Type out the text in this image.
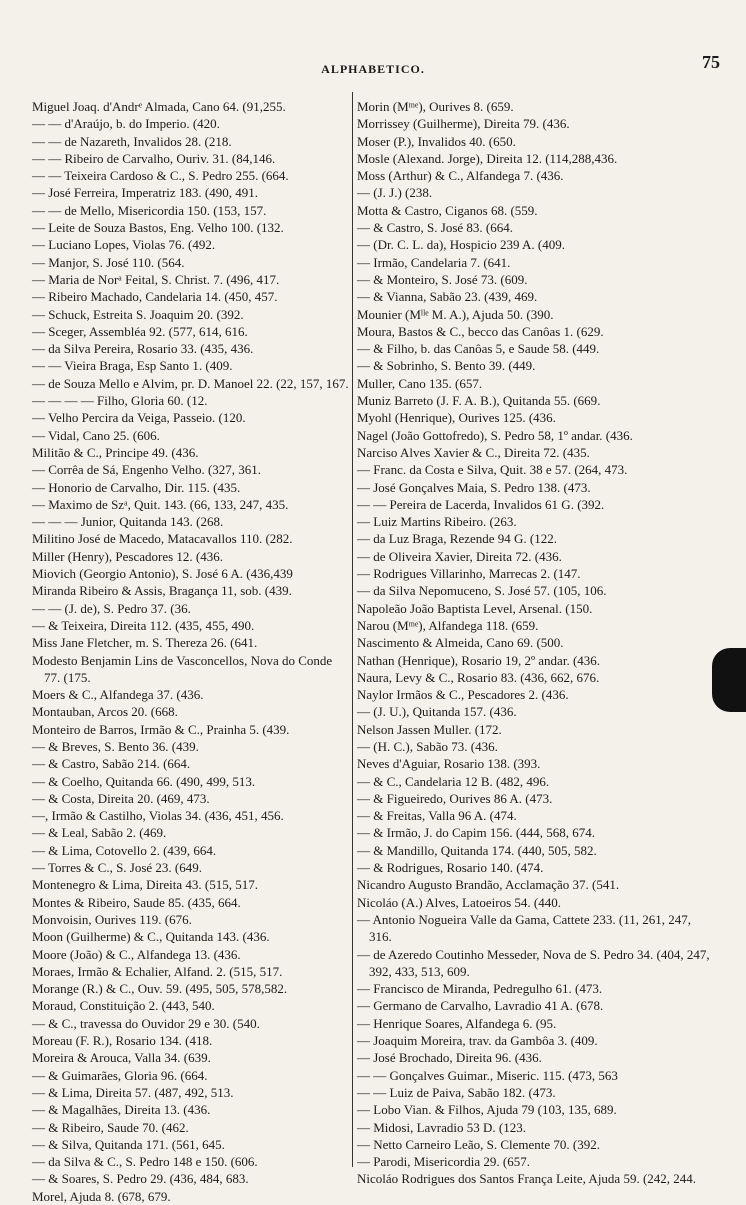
ALPHABETICO.	75

Miguel Joaq. d'Andrᵉ Almada, Cano 64. (91,255.

— — d'Araújo, b. do Imperio. (420.

— — de Nazareth, Invalidos 28. (218.

— — Ribeiro de Carvalho, Ouriv. 31. (84,146.

— — Teixeira Cardoso & C., S. Pedro 255. (664.

— José Ferreira, Imperatriz 183. (490, 491.

— — de Mello, Misericordia 150. (153, 157.

— Leite de Souza Bastos, Eng. Velho 100. (132.

— Luciano Lopes, Violas 76. (492.

— Manjor, S. José 110. (564.

— Maria de Norᵃ Feital, S. Christ. 7. (496, 417.

— Ribeiro Machado, Candelaria 14. (450, 457.

— Schuck, Estreita S. Joaquim 20. (392.

— Sceger, Assembléa 92. (577, 614, 616.

— da Silva Pereira, Rosario 33. (435, 436.

— — Vieira Braga, Esp Santo 1. (409.

— de Souza Mello e Alvim, pr. D. Manoel 22. (22, 157, 167.

— — — — Filho, Gloria 60. (12.

— Velho Percira da Veiga, Passeio. (120.

— Vidal, Cano 25. (606.

Militão & C., Principe 49. (436.

— Corrêa de Sá, Engenho Velho. (327, 361.

— Honorio de Carvalho, Dir. 115. (435.

— Maximo de Szᵃ, Quit. 143. (66, 133, 247, 435.

— — — Junior, Quitanda 143. (268.

Militino José de Macedo, Matacavallos 110. (282.

Miller (Henry), Pescadores 12. (436.

Miovich (Georgio Antonio), S. José 6 A. (436,439

Miranda Ribeiro & Assis, Bragança 11, sob. (439.

— — (J. de), S. Pedro 37. (36.

— & Teixeira, Direita 112. (435, 455, 490.

Miss Jane Fletcher, m. S. Thereza 26. (641.

Modesto Benjamin Lins de Vasconcellos, Nova do Conde 77. (175.

Moers & C., Alfandega 37. (436.

Montauban, Arcos 20. (668.

Monteiro de Barros, Irmão & C., Prainha 5. (439.

— & Breves, S. Bento 36. (439.

— & Castro, Sabão 214. (664.

— & Coelho, Quitanda 66. (490, 499, 513.

— & Costa, Direita 20. (469, 473.

—, Irmão & Castilho, Violas 34. (436, 451, 456.

— & Leal, Sabão 2. (469.

— & Lima, Cotovello 2. (439, 664.

— Torres & C., S. José 23. (649.

Montenegro & Lima, Direita 43. (515, 517.

Montes & Ribeiro, Saude 85. (435, 664.

Monvoisin, Ourives 119. (676.

Moon (Guilherme) & C., Quitanda 143. (436.

Moore (João) & C., Alfandega 13. (436.

Moraes, Irmão & Echalier, Alfand. 2. (515, 517.

Morange (R.) & C., Ouv. 59. (495, 505, 578,582.

Moraud, Constituição 2. (443, 540.

— & C., travessa do Ouvidor 29 e 30. (540.

Moreau (F. R.), Rosario 134. (418.

Moreira & Arouca, Valla 34. (639.

— & Guimarães, Gloria 96. (664.

— & Lima, Direita 57. (487, 492, 513.

— & Magalhães, Direita 13. (436.

— & Ribeiro, Saude 70. (462.

— & Silva, Quitanda 171. (561, 645.

— da Silva & C., S. Pedro 148 e 150. (606.

— & Soares, S. Pedro 29. (436, 484, 683.

Morel, Ajuda 8. (678, 679.

Morin (Mᵐᵉ), Ourives 8. (659.

Morrissey (Guilherme), Direita 79. (436.

Moser (P.), Invalidos 40. (650.

Mosle (Alexand. Jorge), Direita 12. (114,288,436.

Moss (Arthur) & C., Alfandega 7. (436.

— (J. J.) (238.

Motta & Castro, Ciganos 68. (559.

— & Castro, S. José 83. (664.

— (Dr. C. L. da), Hospicio 239 A. (409.

— Irmão, Candelaria 7. (641.

— & Monteiro, S. José 73. (609.

— & Vianna, Sabão 23. (439, 469.

Mounier (Mˡˡᵉ M. A.), Ajuda 50. (390.

Moura, Bastos & C., becco das Canôas 1. (629.

— & Filho, b. das Canôas 5, e Saude 58. (449.

— & Sobrinho, S. Bento 39. (449.

Muller, Cano 135. (657.

Muniz Barreto (J. F. A. B.), Quitanda 55. (669.

Myohl (Henrique), Ourives 125. (436.

Nagel (João Gottofredo), S. Pedro 58, 1º andar. (436.

Narciso Alves Xavier & C., Direita 72. (435.

— Franc. da Costa e Silva, Quit. 38 e 57. (264, 473.

— José Gonçalves Maia, S. Pedro 138. (473.

— — Pereira de Lacerda, Invalidos 61 G. (392.

— Luiz Martins Ribeiro. (263.

— da Luz Braga, Rezende 94 G. (122.

— de Oliveira Xavier, Direita 72. (436.

— Rodrigues Villarinho, Marrecas 2. (147.

— da Silva Nepomuceno, S. José 57. (105, 106.

Napoleão João Baptista Level, Arsenal. (150.

Narou (Mᵐᵉ), Alfandega 118. (659.

Nascimento & Almeida, Cano 69. (500.

Nathan (Henrique), Rosario 19, 2º andar. (436.

Naura, Levy & C., Rosario 83. (436, 662, 676.

Naylor Irmãos & C., Pescadores 2. (436.

— (J. U.), Quitanda 157. (436.

Nelson Jassen Muller. (172.

— (H. C.), Sabão 73. (436.

Neves d'Aguiar, Rosario 138. (393.

— & C., Candelaria 12 B. (482, 496.

— & Figueiredo, Ourives 86 A. (473.

— & Freitas, Valla 96 A. (474.

— & Irmão, J. do Capim 156. (444, 568, 674.

— & Mandillo, Quitanda 174. (440, 505, 582.

— & Rodrigues, Rosario 140. (474.

Nicandro Augusto Brandão, Acclamação 37. (541.

Nicoláo (A.) Alves, Latoeiros 54. (440.

— Antonio Nogueira Valle da Gama, Cattete 233. (11, 261, 247, 316.

— de Azeredo Coutinho Messeder, Nova de S. Pedro 34. (404, 247, 392, 433, 513, 609.

— Francisco de Miranda, Pedregulho 61. (473.

— Germano de Carvalho, Lavradio 41 A. (678.

— Henrique Soares, Alfandega 6. (95.

— Joaquim Moreira, trav. da Gambôa 3. (409.

— José Brochado, Direita 96. (436.

— — Gonçalves Guimar., Miseric. 115. (473, 563

— — Luiz de Paiva, Sabão 182. (473.

— Lobo Vian. & Filhos, Ajuda 79 (103, 135, 689.

— Midosi, Lavradio 53 D. (123.

— Netto Carneiro Leão, S. Clemente 70. (392.

— Parodi, Misericordia 29. (657.

Nicoláo Rodrigues dos Santos França Leite, Ajuda 59. (242, 244.
